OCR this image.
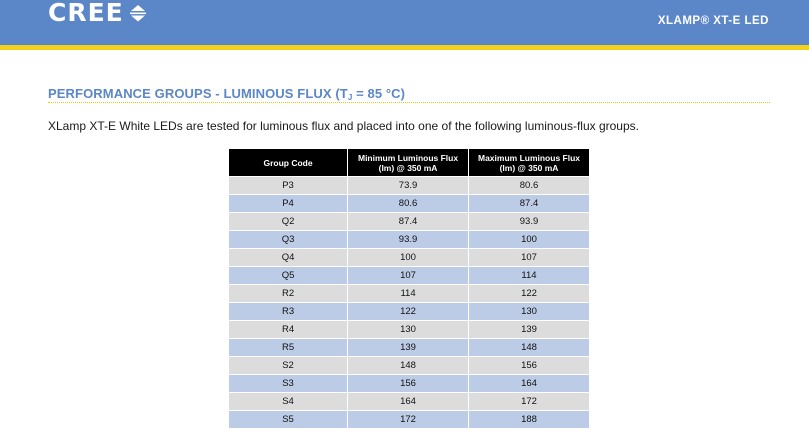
CREE	XLAMP® XT-E LED
PERFORMANCE GROUPS - LUMINOUS FLUX ($T_J = 85$ °C)
XLamp XT-E White LEDs are tested for luminous flux and placed into one of the following luminous-flux groups.
Group Code	Minimum Luminous Flux (lm) @ 350 mA	Maximum Luminous Flux (lm) @ 350 mA
P3	73.9	80.6
P4	80.6	87.4
Q2	87.4	93.9
Q3	93.9	100
Q4	100	107
Q5	107	114
R2	114	122
R3	122	130
R4	130	139
R5	139	148
S2	148	156
S3	156	164
S4	164	172
S5	172	188
